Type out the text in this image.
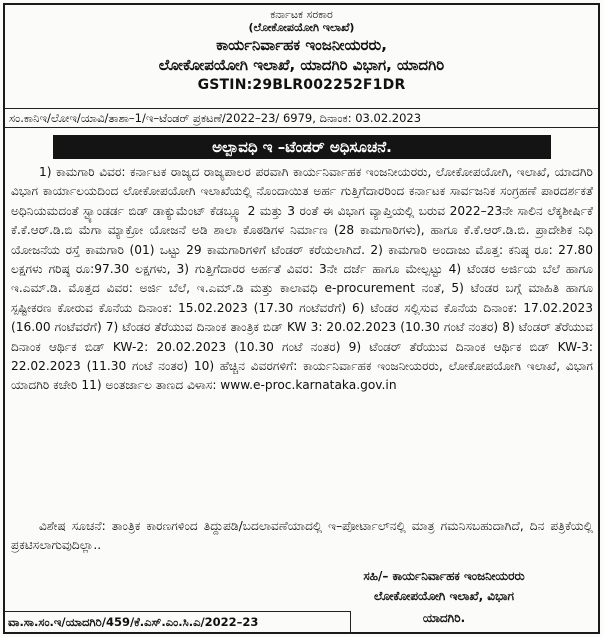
ಕರ್ನಾಟಕ ಸರಕಾರ
(ಲೋಕೋಪಯೋಗಿ ಇಲಾಖೆ)
ಕಾರ್ಯನಿರ್ವಾಹಕ ಇಂಜನೀಯರರು,
ಲೋಕೋಪಯೋಗಿ ಇಲಾಖೆ, ಯಾದಗಿರಿ ವಿಭಾಗ, ಯಾದಗಿರಿ
GSTIN:29BLR002252F1DR
ಸಂ.ಕಾನಿಇ/ಲೋಇ/ಯಾವಿ/ತಾಶಾ–1/ಇ–ಟೆಂಡರ್ ಪ್ರಕಟಣೆ/2022–23/ 6979, ದಿನಾಂಕ: 03.02.2023
ಅಲ್ಪಾವಧಿ ಇ –ಟೆಂಡರ್ ಅಧಿಸೂಚನೆ.
1) ಕಾಮಗಾರಿ ವಿವರ: ಕರ್ನಾಟಕ ರಾಜ್ಯದ ರಾಜ್ಯಪಾಲರ ಪರವಾಗಿ ಕಾರ್ಯನಿರ್ವಾಹಕ ಇಂಜನೀಯರರು, ಲೋಕೋಪಯೋಗಿ, ಇಲಾಖೆ, ಯಾದಗಿರಿ ವಿಭಾಗ ಕಾರ್ಯಾಲಯದಿಂದ ಲೋಕೋಪಯೋಗಿ ಇಲಾಖೆಯಲ್ಲಿ ನೊಂದಾಯಿತ ಅರ್ಹ ಗುತ್ತಿಗೆದಾರರಿಂದ ಕರ್ನಾಟಕ ಸಾರ್ವಜನಿಕ ಸಂಗ್ರಹಣೆ ಪಾರದರ್ಶಕತೆ ಅಧಿನಿಯಮದಂತೆ ಸ್ಟ್ಯಾಂಡರ್ಡ ಬಿಡ್ ಡಾಕ್ಯುಮೆಂಟ್ ಕೆಡಬ್ಲ್ಯೂ 2 ಮತ್ತು 3 ರಂತೆ ಈ ವಿಭಾಗ ವ್ಯಾಪ್ತಿಯಲ್ಲಿ ಬರುವ 2022–23ನೇ ಸಾಲಿನ ಲೆಕ್ಕಶೀರ್ಷಿಕೆ ಕೆ.ಕೆ.ಆರ್.ಡಿ.ಬಿ ಮೆಗಾ ಮ್ಯಾಕ್ರೋ ಯೋಜನೆ ಅಡಿ ಶಾಲಾ ಕೊಠಡಿಗಳ ನಿರ್ಮಾಣ (28 ಕಾಮಗಾರಿಗಳು), ಹಾಗೂ ಕೆ.ಕೆ.ಆರ್.ಡಿ.ಬಿ. ಪ್ರಾದೇಶಿಕ ನಿಧಿ ಯೋಜನೆಯ ರಸ್ತೆ ಕಾಮಗಾರಿ (01) ಒಟ್ಟು 29 ಕಾಮಗಾರಿಗಳಿಗೆ ಟೆಂಡರ್ ಕರೆಯಲಾಗಿದೆ. 2) ಕಾಮಗಾರಿ ಅಂದಾಜು ಮೊತ್ತ: ಕನಿಷ್ಠ ರೂ: 27.80 ಲಕ್ಷಗಳು ಗರಿಷ್ಠ ರೂ:97.30 ಲಕ್ಷಗಳು, 3) ಗುತ್ತಿಗೆದಾರರ ಅರ್ಹತೆ ವಿವರ: 3ನೇ ದರ್ಜೆ ಹಾಗೂ ಮೇಲ್ಪಟ್ಟು 4) ಟೆಂಡರ ಅರ್ಜಿಯ ಬೆಲೆ ಹಾಗೂ ಇ.ಎಮ್.ಡಿ. ಮೊತ್ತದ ವಿವರ: ಅರ್ಜಿ ಬೆಲೆ, ಇ.ಎಮ್.ಡಿ ಮತ್ತು ಕಾಲಾವಧಿ e-procurement ನಂತೆ, 5) ಟೆಂಡರ ಬಗ್ಗೆ ಮಾಹಿತಿ ಹಾಗೂ ಸ್ಪಷ್ಟೀಕರಣ ಕೋರುವ ಕೊನೆಯ ದಿನಾಂಕ: 15.02.2023 (17.30 ಗಂಟೆವರೆಗೆ) 6) ಟೆಂಡರ ಸಲ್ಲಿಸುವ ಕೊನೆಯ ದಿನಾಂಕ: 17.02.2023 (16.00 ಗಂಟೆವರೆಗೆ) 7) ಟೆಂಡರ ತೆರೆಯುವ ದಿನಾಂಕ ತಾಂತ್ರಿಕ ಬಿಡ್ KW 3: 20.02.2023 (10.30 ಗಂಟೆ ನಂತರ) 8) ಟೆಂಡರ್ ತೆರೆಯುವ ದಿನಾಂಕ ಆರ್ಥಿಕ ಬಿಡ್ KW-2: 20.02.2023 (10.30 ಗಂಟೆ ನಂತರ) 9) ಟೆಂಡರ್ ತೆರೆಯುವ ದಿನಾಂಕ ಆರ್ಥಿಕ ಬಿಡ್ KW-3: 22.02.2023 (11.30 ಗಂಟೆ ನಂತರ) 10) ಹೆಚ್ಚಿನ ವಿವರಗಳಿಗೆ: ಕಾರ್ಯನಿರ್ವಾಹಕ ಇಂಜನೀಯರರು, ಲೋಕೋಪಯೋಗಿ ಇಲಾಖೆ, ವಿಭಾಗ ಯಾದಗಿರಿ ಕಚೇರಿ 11) ಅಂತರ್ಜಾಲ ತಾಣದ ವಿಳಾಸ: www.e-proc.karnataka.gov.in
ವಿಶೇಷ ಸೂಚನೆ: ತಾಂತ್ರಿಕ ಕಾರಣಗಳಿಂದ ತಿದ್ದುಪಡಿ/ಬದಲಾವಣೆಯಾದಲ್ಲಿ ಇ–ಪೋರ್ಟಾಲ್‌ನಲ್ಲಿ ಮಾತ್ರ ಗಮನಿಸಬಹುದಾಗಿದೆ, ದಿನ ಪತ್ರಿಕೆಯಲ್ಲಿ ಪ್ರಕಟಿಸಲಾಗುವುದಿಲ್ಲಾ..
ಸಹಿ/– ಕಾರ್ಯನಿರ್ವಾಹಕ ಇಂಜನೀಯರರು
ಲೋಕೋಪಯೋಗಿ ಇಲಾಖೆ, ವಿಭಾಗ
ಯಾದಗಿರಿ.
ವಾ.ಸಾ.ಸಂ.ಇ/ಯಾದಗಿರಿ/459/ಕೆ.ಎಸ್.ಎಂ.ಸಿ.ಎ/2022–23
